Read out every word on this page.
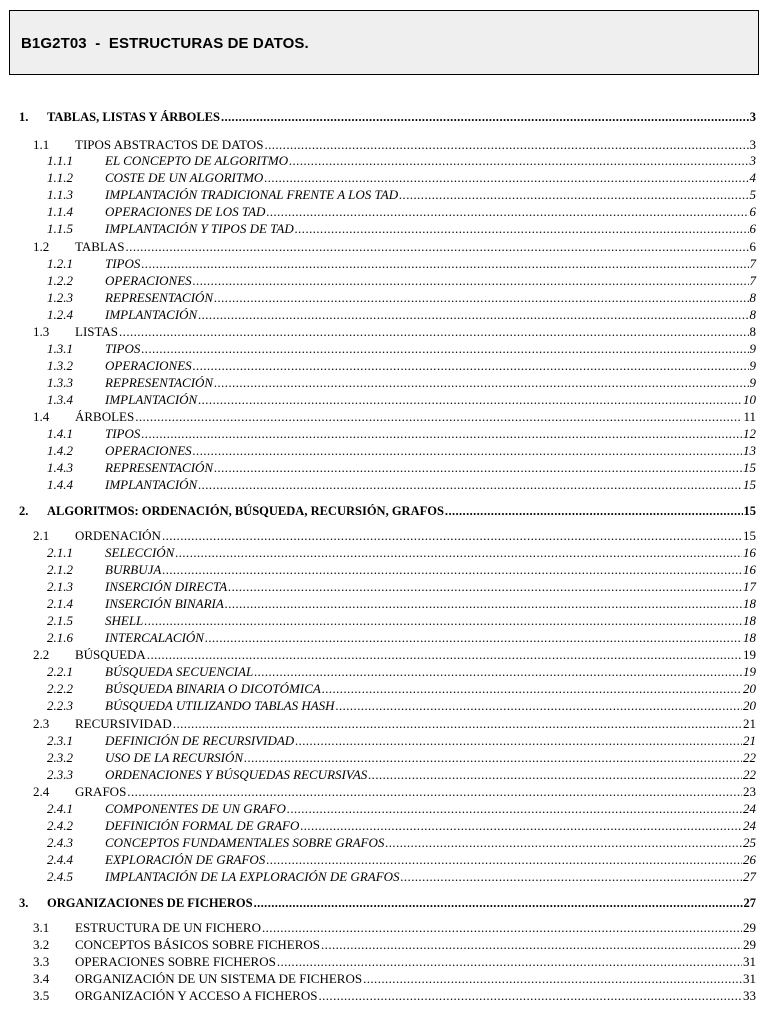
B1G2T03  -  ESTRUCTURAS DE DATOS.
1.	TABLAS, LISTAS Y ÁRBOLES .....	3
1.1	TIPOS ABSTRACTOS DE DATOS .....	3
1.1.1	EL CONCEPTO DE ALGORITMO .....	3
1.1.2	COSTE DE UN ALGORITMO .....	4
1.1.3	IMPLANTACIÓN TRADICIONAL FRENTE A LOS TAD .....	5
1.1.4	OPERACIONES DE LOS TAD .....	6
1.1.5	IMPLANTACIÓN Y TIPOS DE TAD .....	6
1.2	TABLAS .....	6
1.2.1	TIPOS .....	7
1.2.2	OPERACIONES .....	7
1.2.3	REPRESENTACIÓN .....	8
1.2.4	IMPLANTACIÓN .....	8
1.3	LISTAS .....	8
1.3.1	TIPOS .....	9
1.3.2	OPERACIONES .....	9
1.3.3	REPRESENTACIÓN .....	9
1.3.4	IMPLANTACIÓN .....	10
1.4	ÁRBOLES .....	11
1.4.1	TIPOS .....	12
1.4.2	OPERACIONES .....	13
1.4.3	REPRESENTACIÓN .....	15
1.4.4	IMPLANTACIÓN .....	15
2.	ALGORITMOS: ORDENACIÓN, BÚSQUEDA, RECURSIÓN, GRAFOS .....	15
2.1	ORDENACIÓN .....	15
2.1.1	SELECCIÓN .....	16
2.1.2	BURBUJA .....	16
2.1.3	INSERCIÓN DIRECTA .....	17
2.1.4	INSERCIÓN BINARIA .....	18
2.1.5	SHELL .....	18
2.1.6	INTERCALACIÓN .....	18
2.2	BÚSQUEDA .....	19
2.2.1	BÚSQUEDA SECUENCIAL .....	19
2.2.2	BÚSQUEDA BINARIA O DICOTÓMICA .....	20
2.2.3	BÚSQUEDA UTILIZANDO TABLAS HASH .....	20
2.3	RECURSIVIDAD .....	21
2.3.1	DEFINICIÓN DE RECURSIVIDAD .....	21
2.3.2	USO DE LA RECURSIÓN .....	22
2.3.3	ORDENACIONES Y BÚSQUEDAS RECURSIVAS .....	22
2.4	GRAFOS .....	23
2.4.1	COMPONENTES DE UN GRAFO .....	24
2.4.2	DEFINICIÓN FORMAL DE GRAFO .....	24
2.4.3	CONCEPTOS FUNDAMENTALES SOBRE GRAFOS .....	25
2.4.4	EXPLORACIÓN DE GRAFOS .....	26
2.4.5	IMPLANTACIÓN DE LA EXPLORACIÓN DE GRAFOS .....	27
3.	ORGANIZACIONES DE FICHEROS .....	27
3.1	ESTRUCTURA DE UN FICHERO .....	29
3.2	CONCEPTOS BÁSICOS SOBRE FICHEROS .....	29
3.3	OPERACIONES SOBRE FICHEROS .....	31
3.4	ORGANIZACIÓN DE UN SISTEMA DE FICHEROS .....	31
3.5	ORGANIZACIÓN Y ACCESO A FICHEROS .....	33
